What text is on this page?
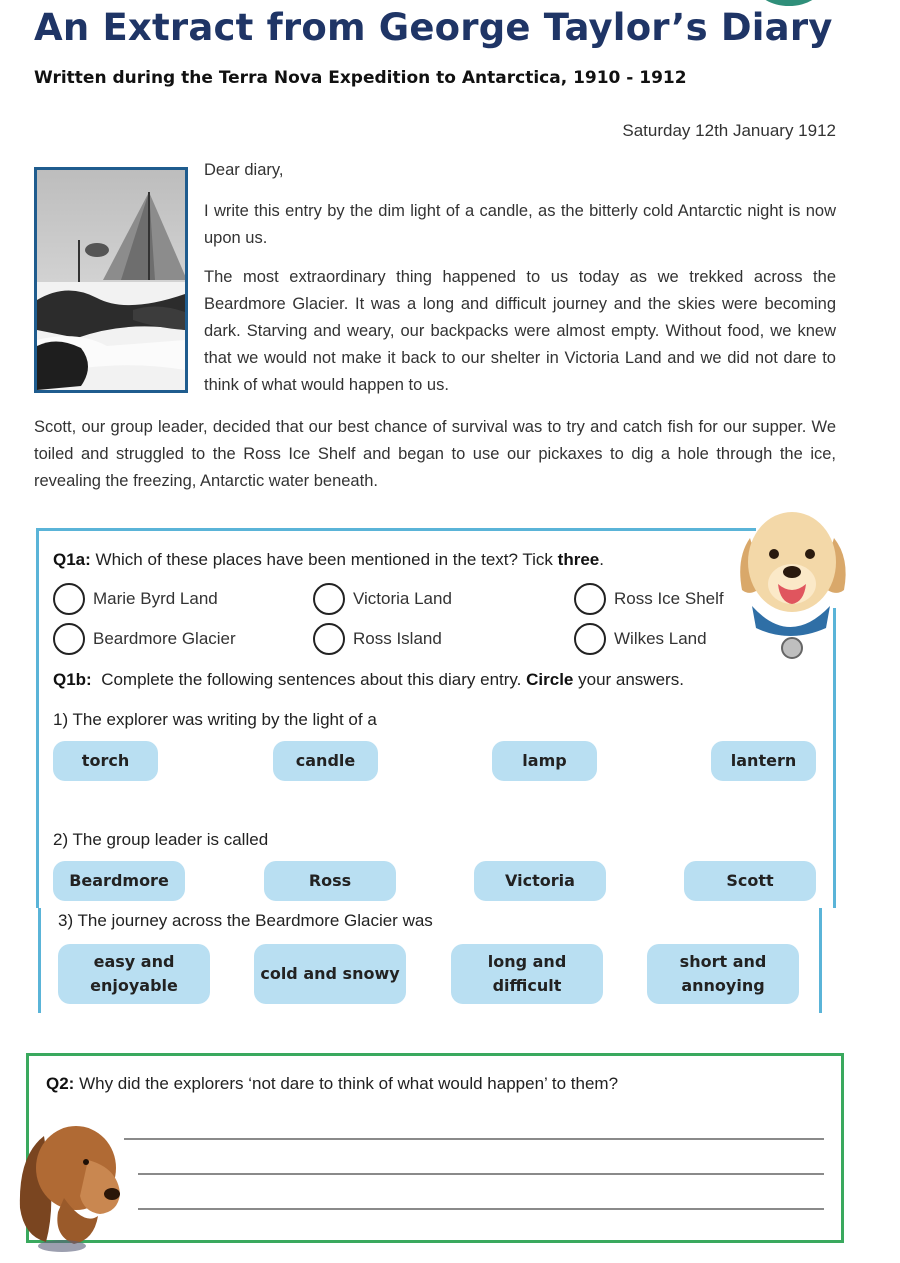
An Extract from George Taylor’s Diary
Written during the Terra Nova Expedition to Antarctica, 1910 - 1912
Saturday 12th January 1912
Dear diary,
I write this entry by the dim light of a candle, as the bitterly cold Antarctic night is now upon us.
The most extraordinary thing happened to us today as we trekked across the Beardmore Glacier. It was a long and difficult journey and the skies were becoming dark. Starving and weary, our backpacks were almost empty. Without food, we knew that we would not make it back to our shelter in Victoria Land and we did not dare to think of what would happen to us.
Scott, our group leader, decided that our best chance of survival was to try and catch fish for our supper. We toiled and struggled to the Ross Ice Shelf and began to use our pickaxes to dig a hole through the ice, revealing the freezing, Antarctic water beneath.
Q1a: Which of these places have been mentioned in the text? Tick three.
Marie Byrd Land	Victoria Land	Ross Ice Shelf
Beardmore Glacier	Ross Island	Wilkes Land
Q1b: Complete the following sentences about this diary entry. Circle your answers.
1) The explorer was writing by the light of a
torch	candle	lamp	lantern
2) The group leader is called
Beardmore	Ross	Victoria	Scott
3) The journey across the Beardmore Glacier was
easy and enjoyable
cold and snowy
long and difficult
short and annoying
Q2: Why did the explorers ‘not dare to think of what would happen’ to them?
